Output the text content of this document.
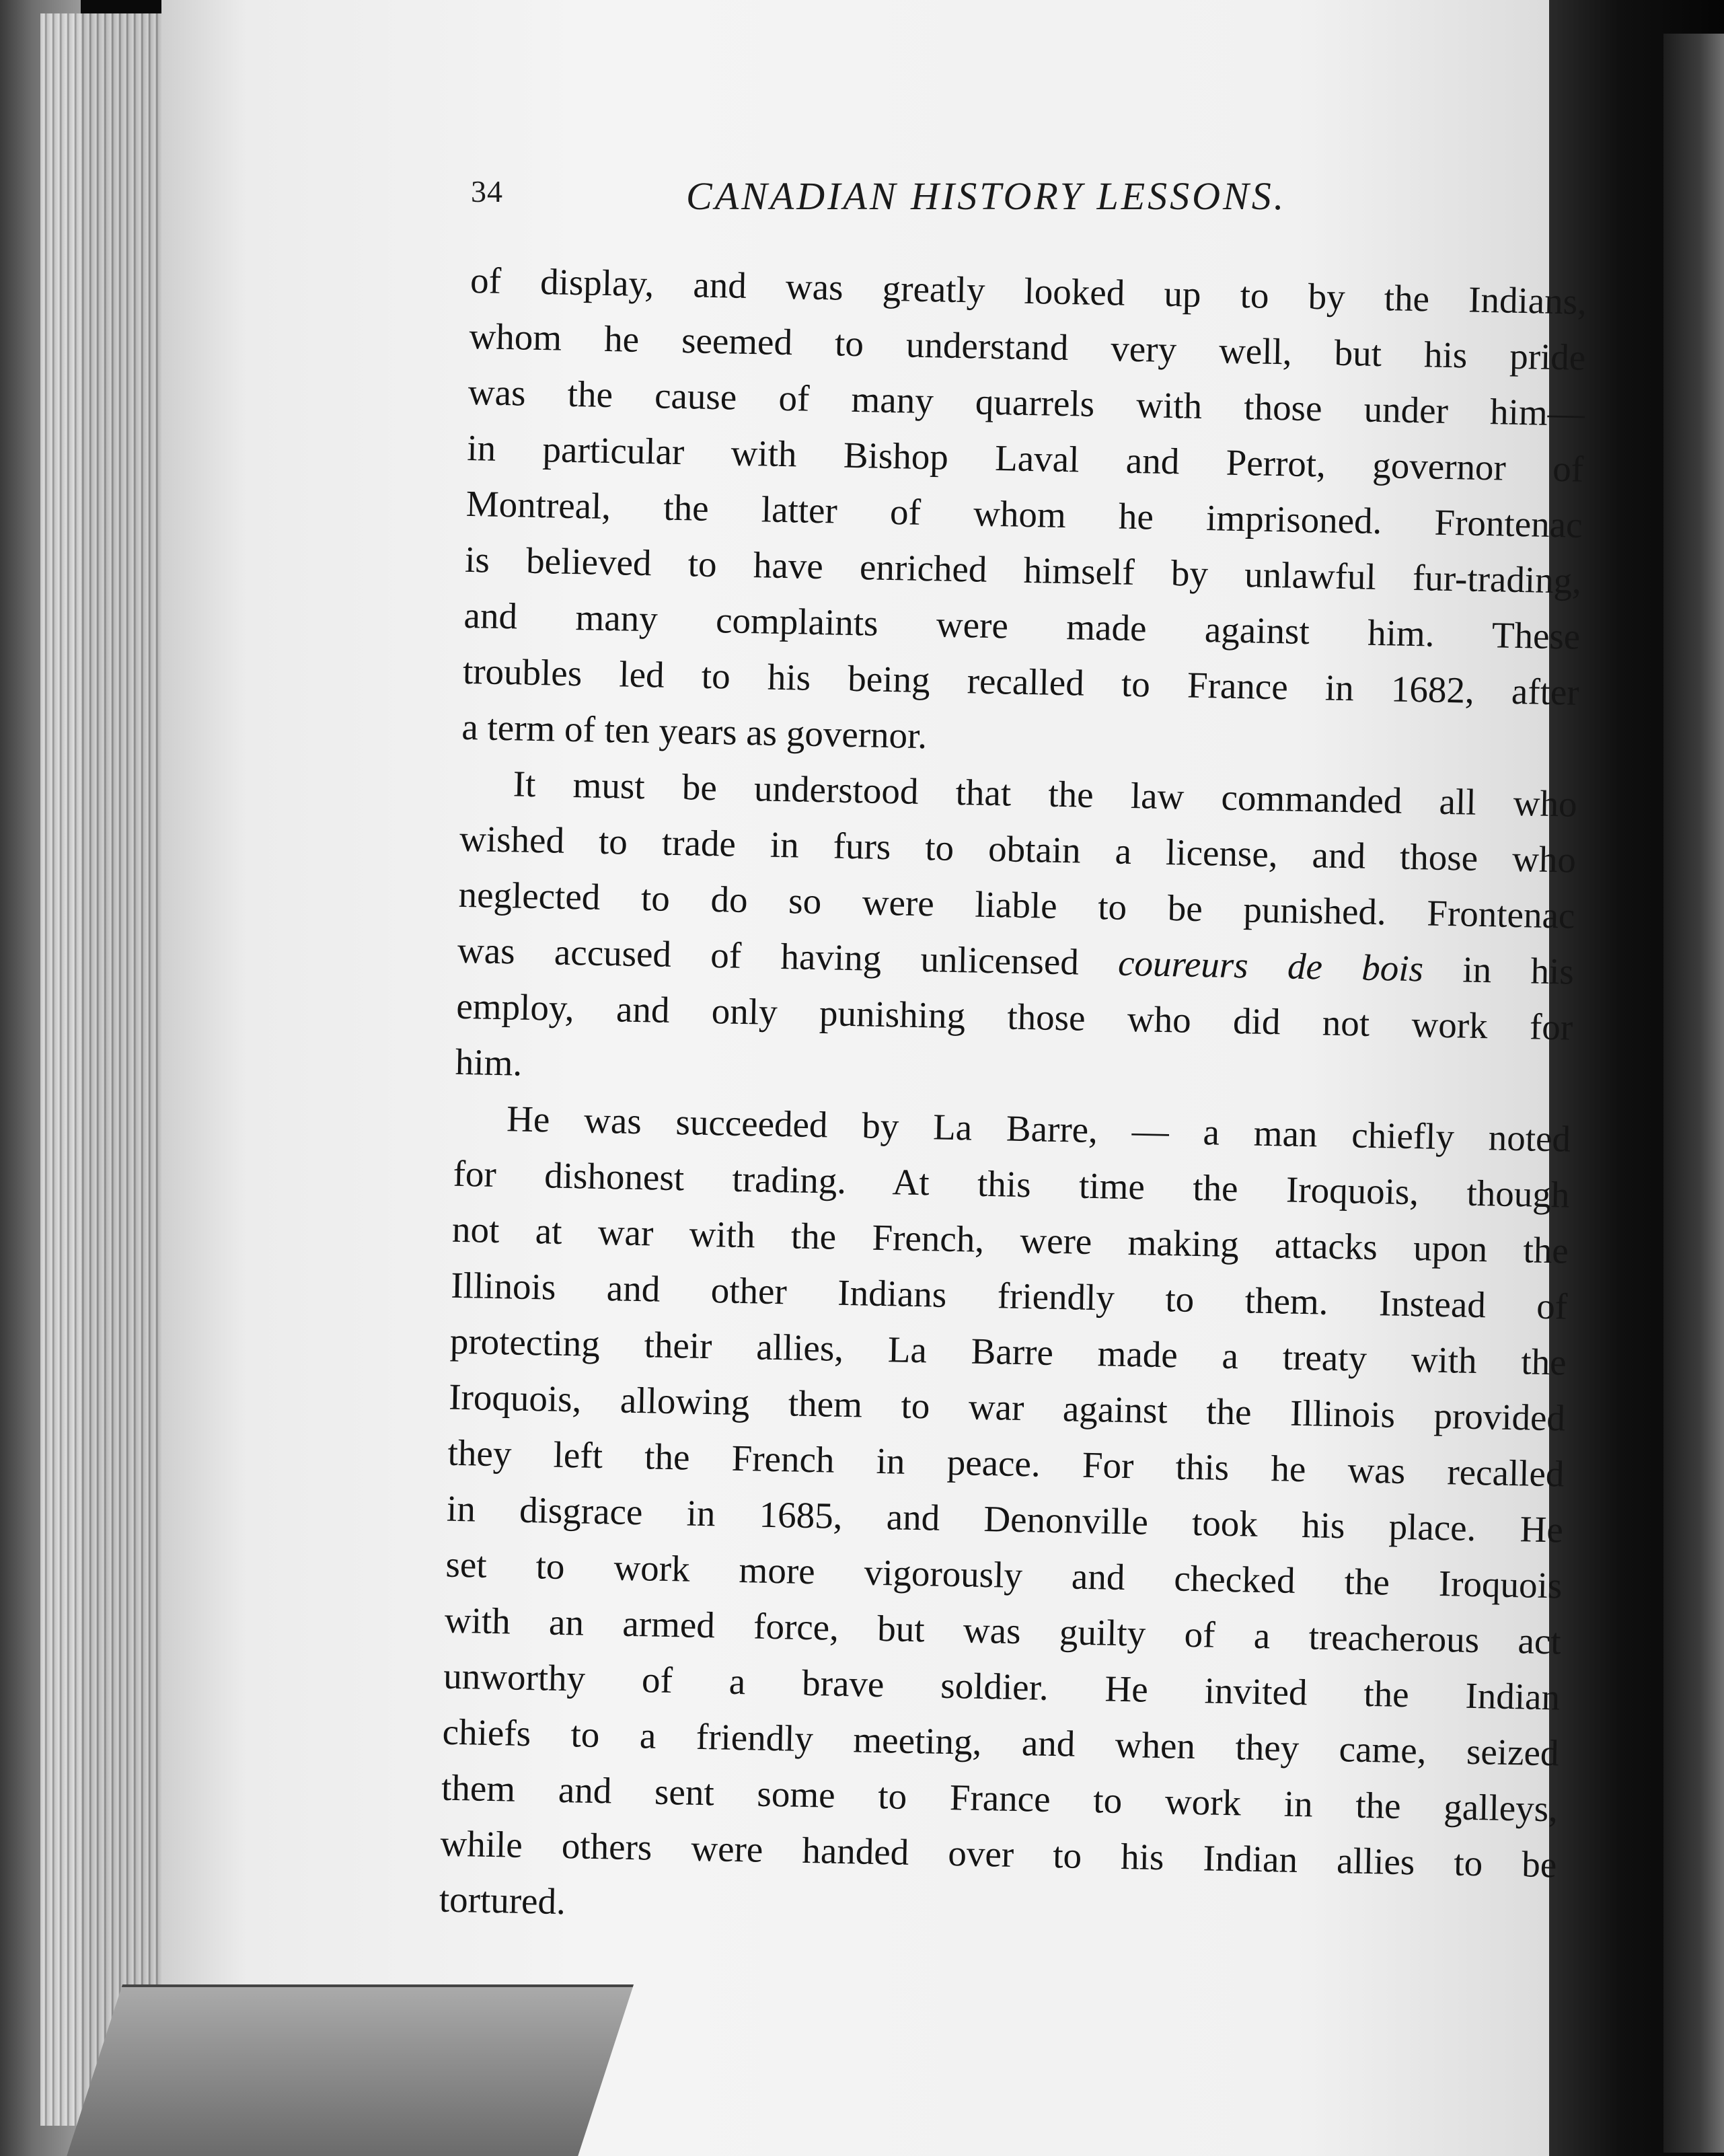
34	CANADIAN HISTORY LESSONS.
of display, and was greatly looked up to by the Indians,
whom he seemed to understand very well, but his pride
was the cause of many quarrels with those under him—
in particular with Bishop Laval and Perrot, governor of
Montreal, the latter of whom he imprisoned. Frontenac
is believed to have enriched himself by unlawful fur-trading,
and many complaints were made against him. These
troubles led to his being recalled to France in 1682, after
a term of ten years as governor.
It must be understood that the law commanded all who
wished to trade in furs to obtain a license, and those who
neglected to do so were liable to be punished. Frontenac
was accused of having unlicensed coureurs de bois in his
employ, and only punishing those who did not work for
him.
He was succeeded by La Barre, — a man chiefly noted
for dishonest trading. At this time the Iroquois, though
not at war with the French, were making attacks upon the
Illinois and other Indians friendly to them. Instead of
protecting their allies, La Barre made a treaty with the
Iroquois, allowing them to war against the Illinois provided
they left the French in peace. For this he was recalled
in disgrace in 1685, and Denonville took his place. He
set to work more vigorously and checked the Iroquois
with an armed force, but was guilty of a treacherous act
unworthy of a brave soldier. He invited the Indian
chiefs to a friendly meeting, and when they came, seized
them and sent some to France to work in the galleys,
while others were handed over to his Indian allies to be
tortured.
